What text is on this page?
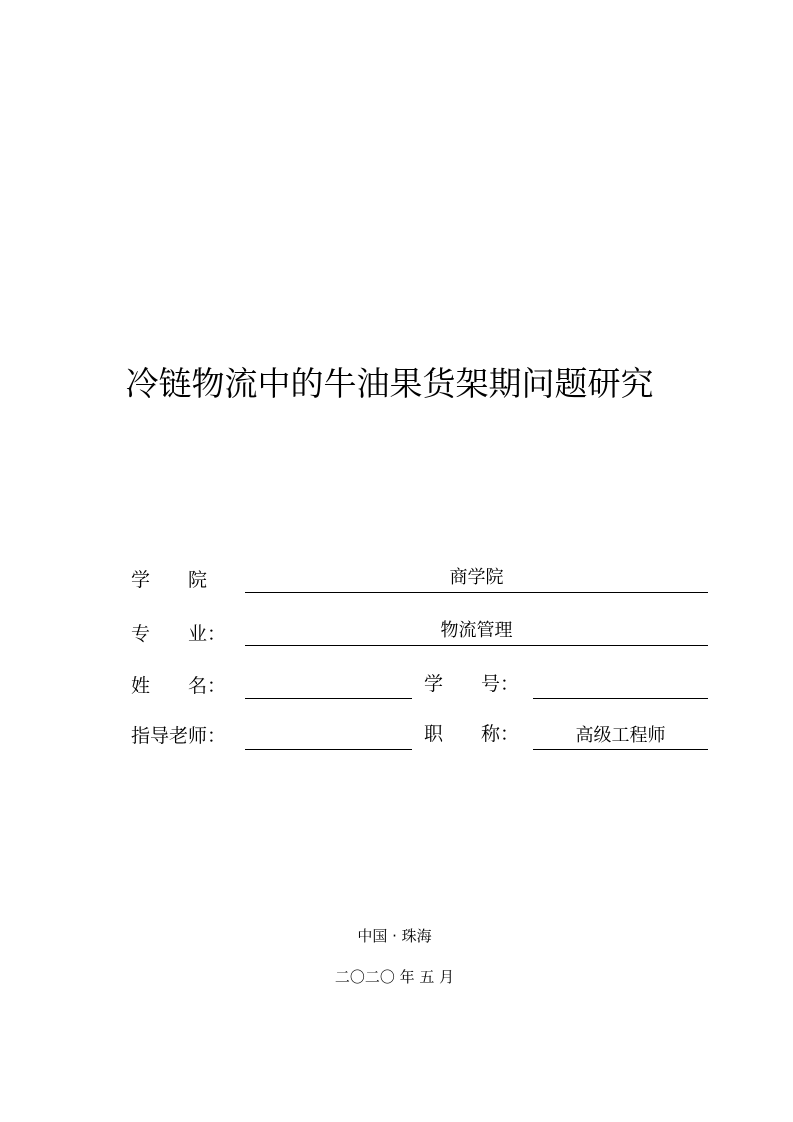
冷链物流中的牛油果货架期问题研究
学　　院	商学院
专　　业：	物流管理
姓　　名：	学　　号：
指导老师：	职　　称：	高级工程师
中国 · 珠海
二〇二〇 年 五 月
